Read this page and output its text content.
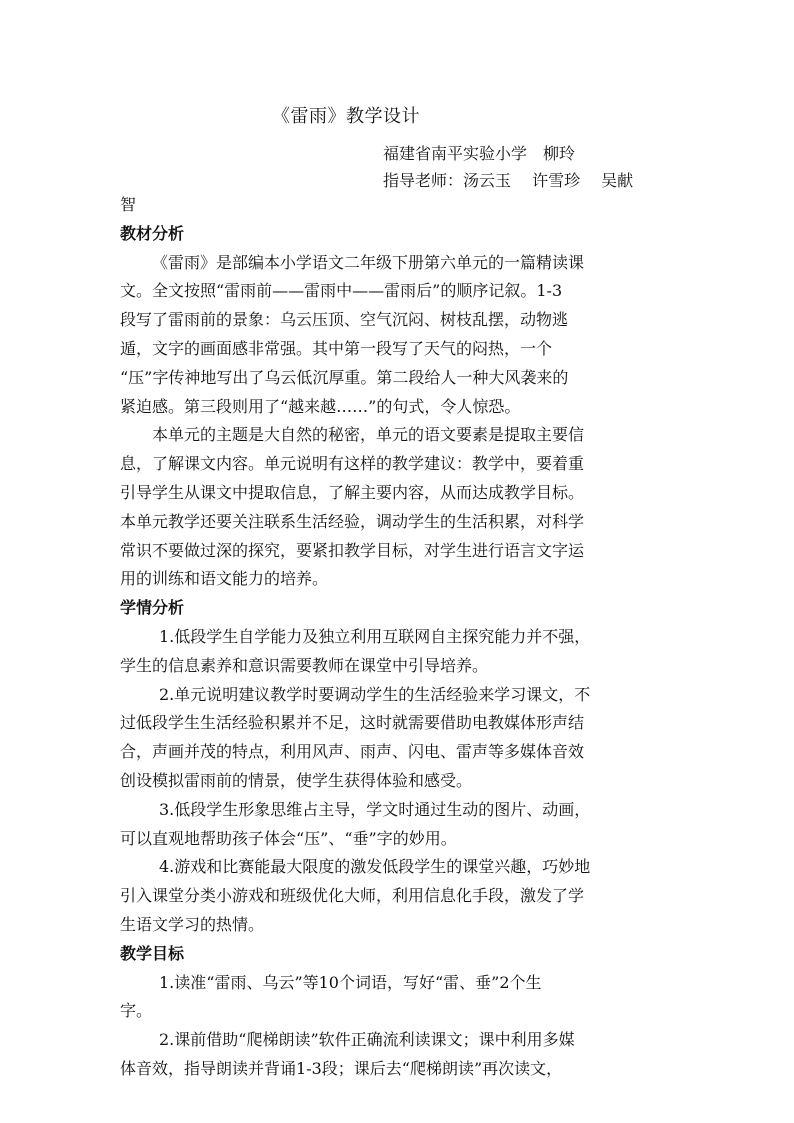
《雷雨》教学设计
福建省南平实验小学　柳玲
指导老师：汤云玉　 许雪珍　 吴献
智
教材分析
《雷雨》是部编本小学语文二年级下册第六单元的一篇精读课
文。全文按照“雷雨前——雷雨中——雷雨后”的顺序记叙。1-3
段写了雷雨前的景象：乌云压顶、空气沉闷、树枝乱摆，动物逃
遁，文字的画面感非常强。其中第一段写了天气的闷热，一个
“压”字传神地写出了乌云低沉厚重。第二段给人一种大风袭来的
紧迫感。第三段则用了“越来越……”的句式，令人惊恐。
本单元的主题是大自然的秘密，单元的语文要素是提取主要信
息，了解课文内容。单元说明有这样的教学建议：教学中，要着重
引导学生从课文中提取信息，了解主要内容，从而达成教学目标。
本单元教学还要关注联系生活经验，调动学生的生活积累，对科学
常识不要做过深的探究，要紧扣教学目标，对学生进行语言文字运
用的训练和语文能力的培养。
学情分析
1.低段学生自学能力及独立利用互联网自主探究能力并不强，
学生的信息素养和意识需要教师在课堂中引导培养。
2.单元说明建议教学时要调动学生的生活经验来学习课文，不
过低段学生生活经验积累并不足，这时就需要借助电教媒体形声结
合，声画并茂的特点，利用风声、雨声、闪电、雷声等多媒体音效
创设模拟雷雨前的情景，使学生获得体验和感受。
3.低段学生形象思维占主导，学文时通过生动的图片、动画，
可以直观地帮助孩子体会“压”、“垂”字的妙用。
4.游戏和比赛能最大限度的激发低段学生的课堂兴趣，巧妙地
引入课堂分类小游戏和班级优化大师，利用信息化手段，激发了学
生语文学习的热情。
教学目标
1.读准“雷雨、乌云”等10个词语，写好“雷、垂”2个生
字。
2.课前借助“爬梯朗读”软件正确流利读课文；课中利用多媒
体音效，指导朗读并背诵1-3段；课后去“爬梯朗读”再次读文，
